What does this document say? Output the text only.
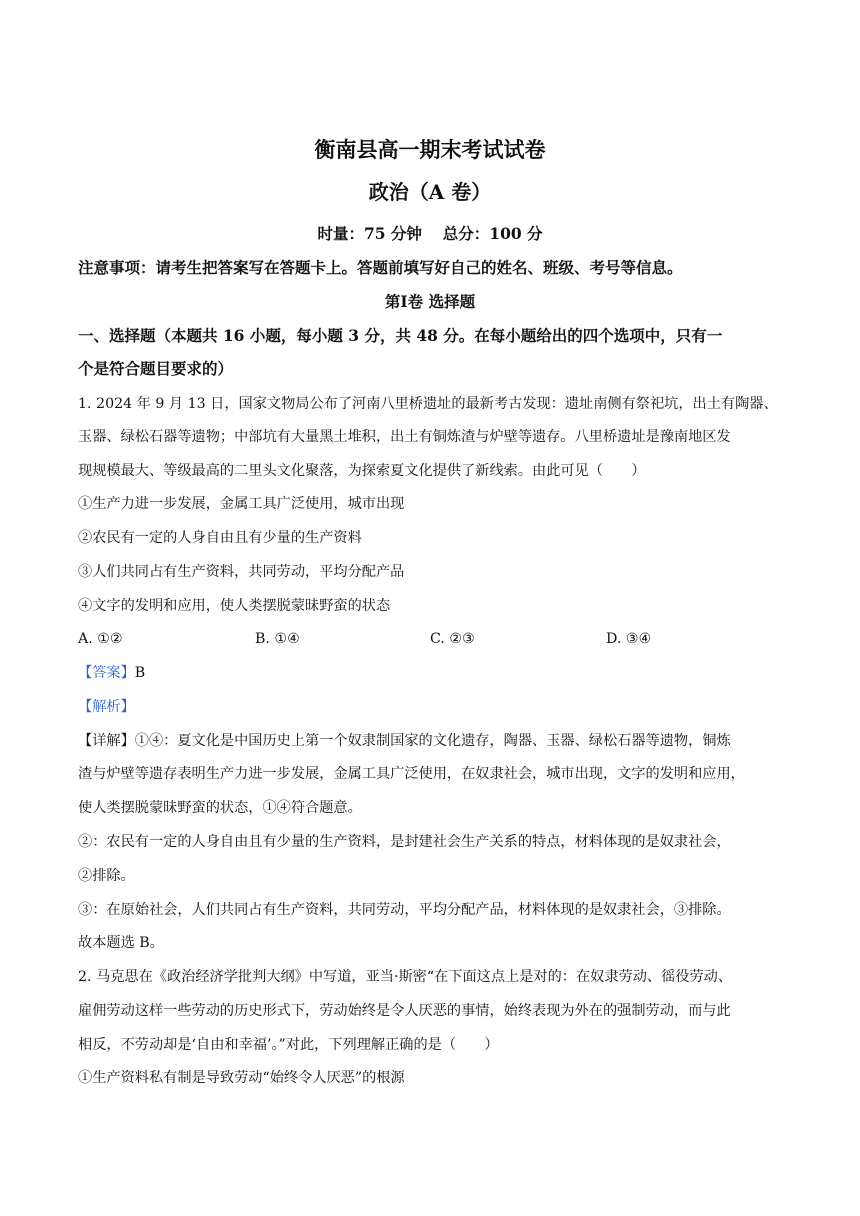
衡南县高一期末考试试卷
政治（A 卷）
时量：75 分钟　 总分：100 分
注意事项：请考生把答案写在答题卡上。答题前填写好自己的姓名、班级、考号等信息。
第Ⅰ卷 选择题
一、选择题（本题共 16 小题，每小题 3 分，共 48 分。在每小题给出的四个选项中，只有一
个是符合题目要求的）
1. 2024 年 9 月 13 日，国家文物局公布了河南八里桥遗址的最新考古发现：遗址南侧有祭祀坑，出土有陶器、
玉器、绿松石器等遗物；中部坑有大量黑土堆积，出土有铜炼渣与炉壁等遗存。八里桥遗址是豫南地区发
现规模最大、等级最高的二里头文化聚落，为探索夏文化提供了新线索。由此可见（　　）
①生产力进一步发展，金属工具广泛使用，城市出现
②农民有一定的人身自由且有少量的生产资料
③人们共同占有生产资料，共同劳动，平均分配产品
④文字的发明和应用，使人类摆脱蒙昧野蛮的状态
A. ①②	B. ①④	C. ②③	D. ③④
【答案】B
【解析】
【详解】①④：夏文化是中国历史上第一个奴隶制国家的文化遗存，陶器、玉器、绿松石器等遗物，铜炼
渣与炉壁等遗存表明生产力进一步发展，金属工具广泛使用，在奴隶社会，城市出现，文字的发明和应用，
使人类摆脱蒙昧野蛮的状态，①④符合题意。
②：农民有一定的人身自由且有少量的生产资料，是封建社会生产关系的特点，材料体现的是奴隶社会，
②排除。
③：在原始社会，人们共同占有生产资料，共同劳动，平均分配产品，材料体现的是奴隶社会，③排除。
故本题选 B。
2. 马克思在《政治经济学批判大纲》中写道，亚当·斯密“在下面这点上是对的：在奴隶劳动、徭役劳动、
雇佣劳动这样一些劳动的历史形式下，劳动始终是令人厌恶的事情，始终表现为外在的强制劳动，而与此
相反，不劳动却是‘自由和幸福’。”对此，下列理解正确的是（　　）
①生产资料私有制是导致劳动“始终令人厌恶”的根源
